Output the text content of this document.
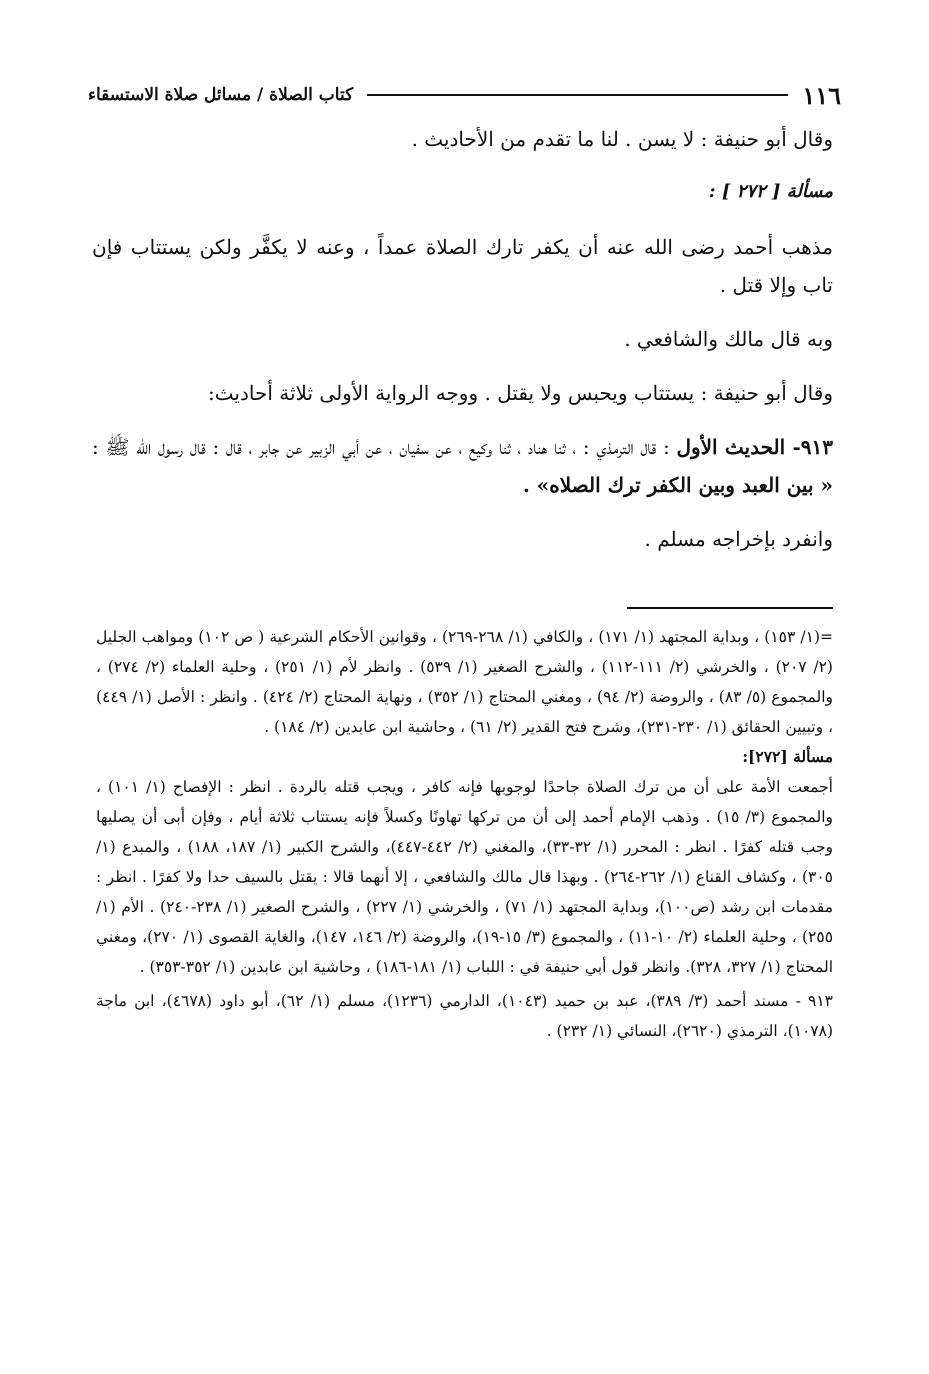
١١٦
كتاب الصلاة / مسائل صلاة الاستسقاء

وقال أبو حنيفة : لا يسن . لنا ما تقدم من الأحاديث .

مسألة [ ٢٧٢ ] :

مذهب أحمد رضى الله عنه أن يكفر تارك الصلاة عمداً ، وعنه لا يكفَّر ولكن يستتاب فإن تاب وإلا قتل .

وبه قال مالك والشافعي .

وقال أبو حنيفة : يستتاب ويحبس ولا يقتل . ووجه الرواية الأولى ثلاثة أحاديث:

٩١٣- الحديث الأول : قال الترمذي : ، ثنا هناد ، ثنا وكيع ، عن سفيان ، عن أبي الزبير عن جابر ، قال : قال رسول الله ﷺ : « بين العبد وبين الكفر ترك الصلاه» .

وانفرد بإخراجه مسلم .

=(١/ ١٥٣) ، وبداية المجتهد (١/ ١٧١) ، والكافي (١/ ٢٦٨-٢٦٩) ، وقوانين الأحكام الشرعية ( ص ١٠٢) ومواهب الجليل (٢/ ٢٠٧) ، والخرشي (٢/ ١١١-١١٢) ، والشرح الصغير (١/ ٥٣٩) . وانظر لأم (١/ ٢٥١) ، وحلية العلماء (٢/ ٢٧٤) ، والمجموع (٥/ ٨٣) ، والروضة (٢/ ٩٤) ، ومغني المحتاج (١/ ٣٥٢) ، ونهاية المحتاج (٢/ ٤٢٤) . وانظر : الأصل (١/ ٤٤٩) ، وتبيين الحقائق (١/ ٢٣٠-٢٣١)، وشرح فتح القدير (٢/ ٦١) ، وحاشية ابن عابدين (٢/ ١٨٤) .

مسألة [٢٧٢]:

أجمعت الأمة على أن من ترك الصلاة جاحدًا لوجوبها فإنه كافر ، ويجب قتله بالردة . انظر : الإفصاح (١/ ١٠١) ، والمجموع (٣/ ١٥) . وذهب الإمام أحمد إلى أن من تركها تهاونًا وكسلاً فإنه يستتاب ثلاثة أيام ، وفإن أبى أن يصليها وجب قتله كفرًا . انظر : المحرر (١/ ٣٢-٣٣)، والمغني (٢/ ٤٤٢-٤٤٧)، والشرح الكبير (١/ ١٨٧، ١٨٨) ، والمبدع (١/ ٣٠٥) ، وكشاف القناع (١/ ٢٦٢-٢٦٤) . وبهذا قال مالك والشافعي ، إلا أنهما قالا : يقتل بالسيف حدا ولا كفرًا . انظر : مقدمات ابن رشد (ص١٠٠)، وبداية المجتهد (١/ ٧١) ، والخرشي (١/ ٢٢٧) ، والشرح الصغير (١/ ٢٣٨-٢٤٠) . الأم (١/ ٢٥٥) ، وحلية العلماء (٢/ ١٠-١١) ، والمجموع (٣/ ١٥-١٩)، والروضة (٢/ ١٤٦، ١٤٧)، والغاية القصوى (١/ ٢٧٠)، ومغني المحتاج (١/ ٣٢٧، ٣٢٨). وانظر قول أبي حنيفة في : اللباب (١/ ١٨١-١٨٦) ، وحاشية ابن عابدين (١/ ٣٥٢-٣٥٣) .

٩١٣ - مسند أحمد (٣/ ٣٨٩)، عبد بن حميد (١٠٤٣)، الدارمي (١٢٣٦)، مسلم (١/ ٦٢)، أبو داود (٤٦٧٨)، ابن ماجة (١٠٧٨)، الترمذي (٢٦٢٠)، النسائي (١/ ٢٣٢) .
